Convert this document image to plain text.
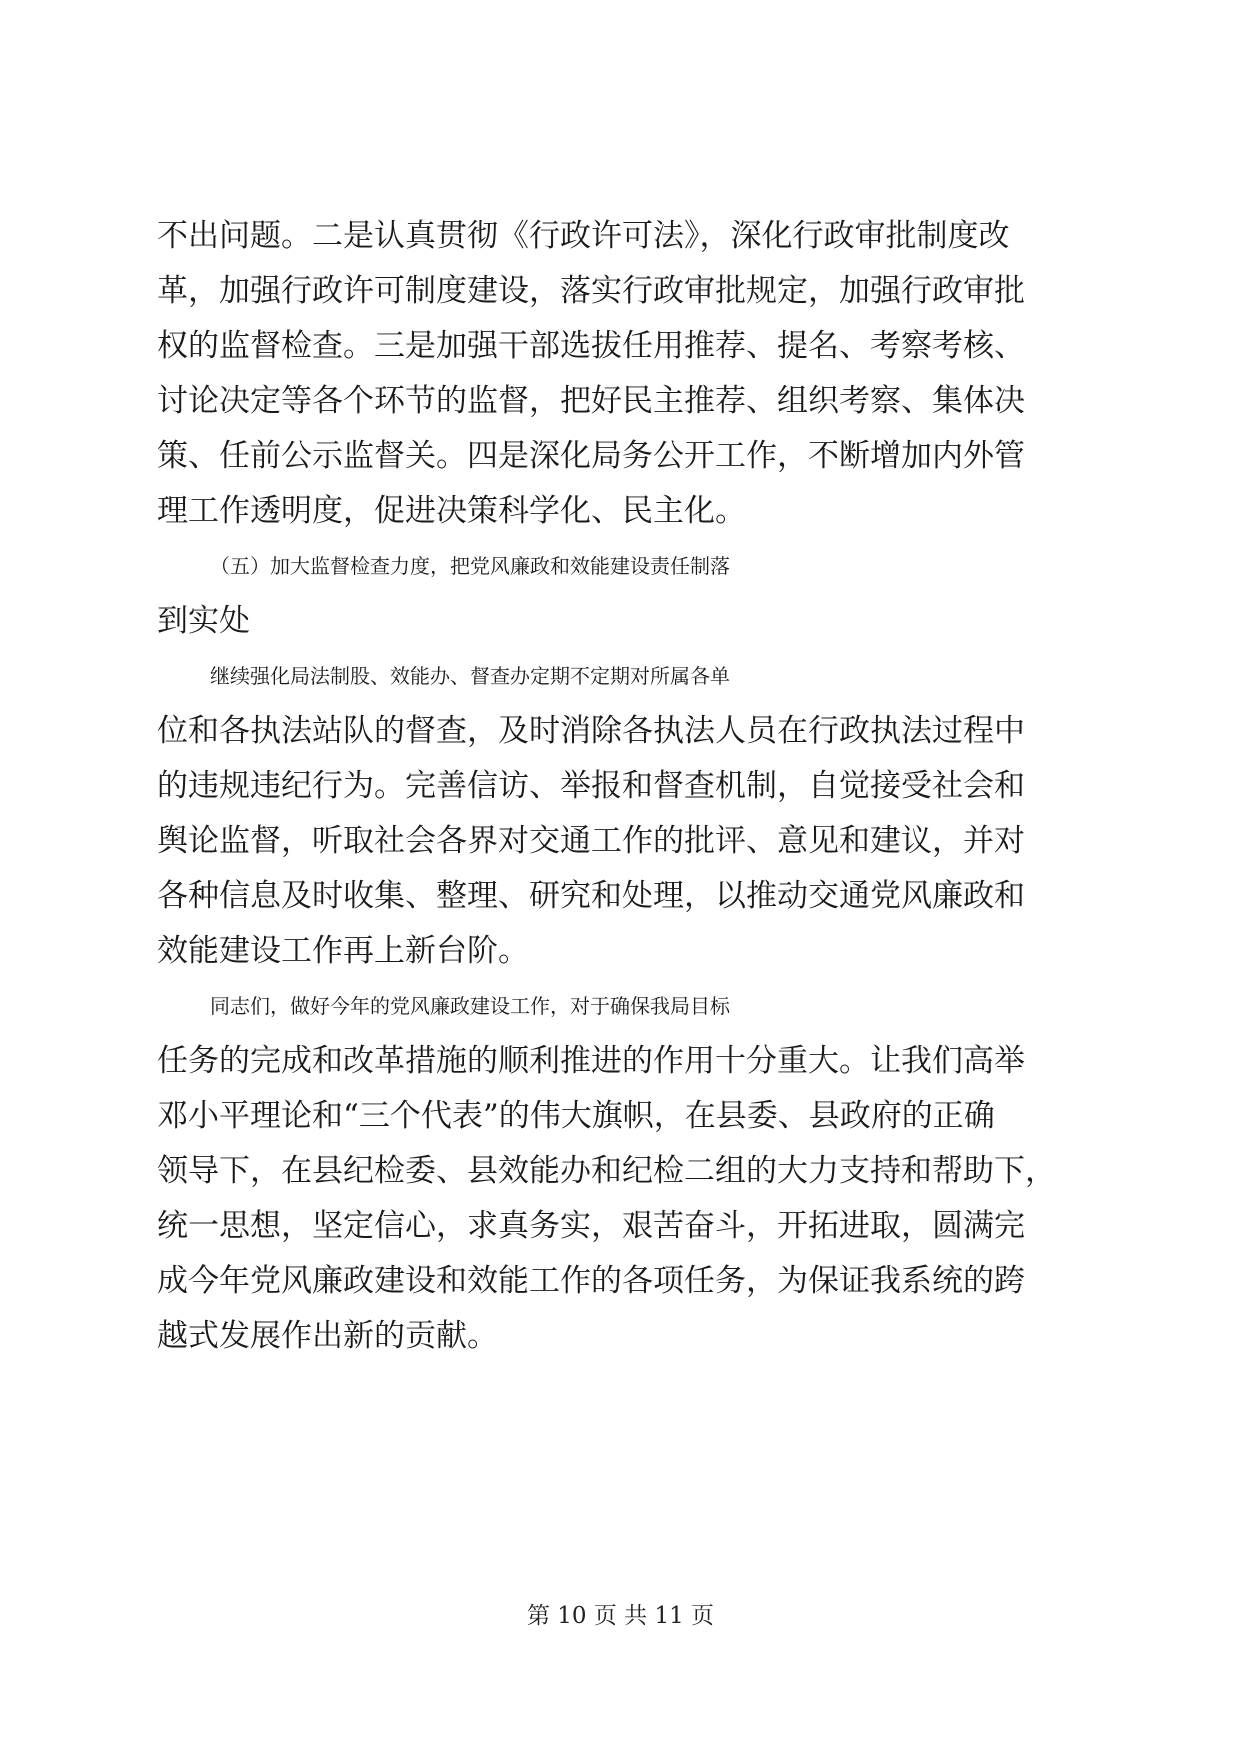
不出问题。二是认真贯彻《行政许可法》，深化行政审批制度改
革，加强行政许可制度建设，落实行政审批规定，加强行政审批
权的监督检查。三是加强干部选拔任用推荐、提名、考察考核、
讨论决定等各个环节的监督，把好民主推荐、组织考察、集体决
策、任前公示监督关。四是深化局务公开工作，不断增加内外管
理工作透明度，促进决策科学化、民主化。
（五）加大监督检查力度，把党风廉政和效能建设责任制落
到实处
继续强化局法制股、效能办、督查办定期不定期对所属各单
位和各执法站队的督查，及时消除各执法人员在行政执法过程中
的违规违纪行为。完善信访、举报和督查机制，自觉接受社会和
舆论监督，听取社会各界对交通工作的批评、意见和建议，并对
各种信息及时收集、整理、研究和处理，以推动交通党风廉政和
效能建设工作再上新台阶。
同志们，做好今年的党风廉政建设工作，对于确保我局目标
任务的完成和改革措施的顺利推进的作用十分重大。让我们高举
邓小平理论和“三个代表”的伟大旗帜，在县委、县政府的正确
领导下，在县纪检委、县效能办和纪检二组的大力支持和帮助下，
统一思想，坚定信心，求真务实，艰苦奋斗，开拓进取，圆满完
成今年党风廉政建设和效能工作的各项任务，为保证我系统的跨
越式发展作出新的贡献。
第 10 页 共 11 页
